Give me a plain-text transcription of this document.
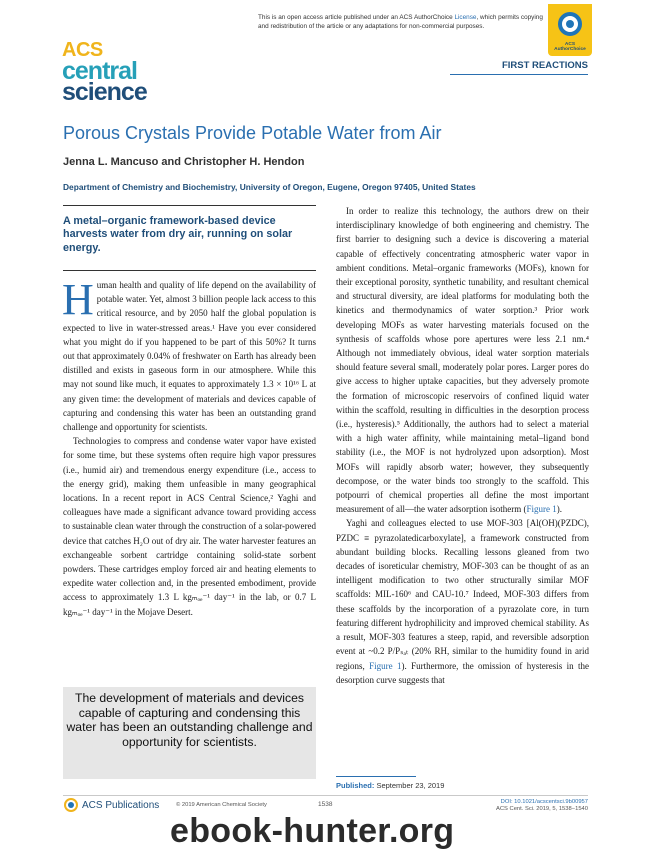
This is an open access article published under an ACS AuthorChoice License, which permits copying and redistribution of the article or any adaptations for non-commercial purposes.
ACS AuthorChoice
ACS
central
science
FIRST REACTIONS
Porous Crystals Provide Potable Water from Air
Jenna L. Mancuso and Christopher H. Hendon
Department of Chemistry and Biochemistry, University of Oregon, Eugene, Oregon 97405, United States
A metal–organic framework-based device harvests water from dry air, running on solar energy.

Human health and quality of life depend on the availability of potable water. Yet, almost 3 billion people lack access to this critical resource, and by 2050 half the global population is expected to live in water-stressed areas.¹ Have you ever considered what you might do if you happened to be part of this 50%? It turns out that approximately 0.04% of freshwater on Earth has already been distilled and exists in gaseous form in our atmosphere. While this may not sound like much, it equates to approximately 1.3 × 10¹⁶ L at any given time: the development of materials and devices capable of capturing and condensing this water has been an outstanding grand challenge and opportunity for scientists.

Technologies to compress and condense water vapor have existed for some time, but these systems often require high vapor pressures (i.e., humid air) and tremendous energy expenditure (i.e., access to the energy grid), making them unfeasible in many geographical locations. In a recent report in ACS Central Science,² Yaghi and colleagues have made a significant advance toward providing access to sustainable clean water through the construction of a solar-powered device that catches H₂O out of dry air. The water harvester features an exchangeable sorbent cartridge containing solid-state sorbent powders. These cartridges employ forced air and heating elements to expedite water collection and, in the presented embodiment, provide access to approximately 1.3 L kgₘₒₑ⁻¹ day⁻¹ in the lab, or 0.7 L kgₘₒₑ⁻¹ day⁻¹ in the Mojave Desert.

The development of materials and devices capable of capturing and condensing this water has been an outstanding challenge and opportunity for scientists.

In order to realize this technology, the authors drew on their interdisciplinary knowledge of both engineering and chemistry. The first barrier to designing such a device is discovering a material capable of effectively concentrating atmospheric water vapor in ambient conditions. Metal–organic frameworks (MOFs), known for their exceptional porosity, synthetic tunability, and resultant chemical and structural diversity, are ideal platforms for modulating both the kinetics and thermodynamics of water sorption.³ Prior work developing MOFs as water harvesting materials focused on the synthesis of scaffolds whose pore apertures were less 2.1 nm.⁴ Although not immediately obvious, ideal water sorption materials should feature several small, moderately polar pores. Larger pores do give access to higher uptake capacities, but they adversely promote the formation of microscopic reservoirs of confined liquid water within the scaffold, resulting in difficulties in the desorption process (i.e., hysteresis).⁵ Additionally, the authors had to select a material with a high water affinity, while maintaining metal–ligand bond stability (i.e., the MOF is not hydrolyzed upon adsorption). Most MOFs will rapidly absorb water; however, they subsequently decompose, or the water binds too strongly to the scaffold. This potpourri of chemical properties all define the most important measurement of all—the water adsorption isotherm (Figure 1).

Yaghi and colleagues elected to use MOF-303 [Al(OH)(PZDC), PZDC ≡ pyrazolatedicarboxylate], a framework constructed from abundant building blocks. Recalling lessons gleaned from two decades of isoreticular chemistry, MOF-303 can be thought of as an intelligent modification to two other structurally similar MOF scaffolds: MIL-160⁶ and CAU-10.⁷ Indeed, MOF-303 differs from these scaffolds by the incorporation of a pyrazolate core, in turn featuring different hydrophilicity and improved chemical stability. As a result, MOF-303 features a steep, rapid, and reversible adsorption event at ~0.2 P/Pₛₐₜ (20% RH, similar to the humidity found in arid regions, Figure 1). Furthermore, the omission of hysteresis in the desorption curve suggests that

Published: September 23, 2019
ACS Publications	© 2019 American Chemical Society	1538	DOI: 10.1021/acscentsci.9b00957
ACS Cent. Sci. 2019, 5, 1538−1540
ebook-hunter.org
